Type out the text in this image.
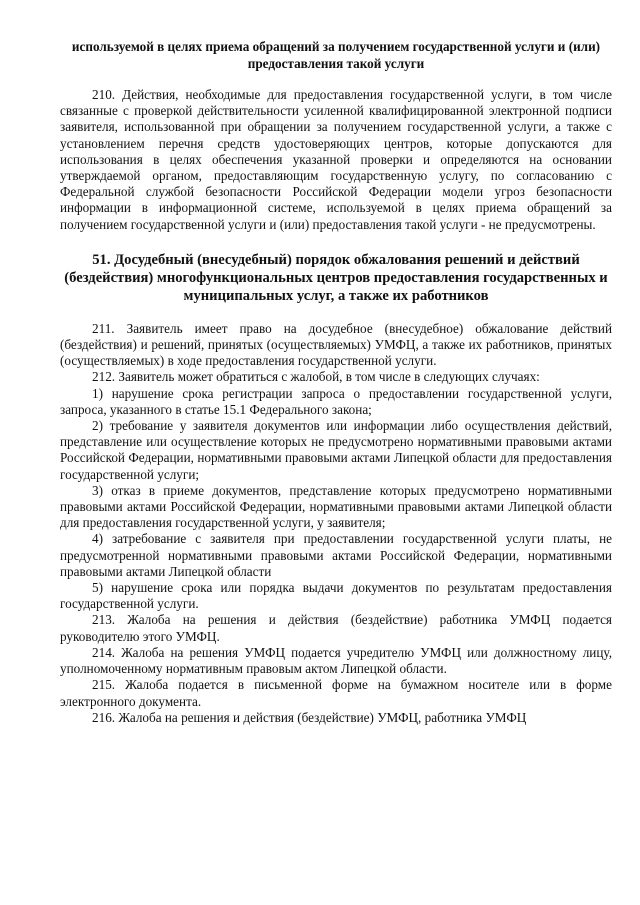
используемой в целях приема обращений за получением государственной услуги и (или) предоставления такой услуги

210. Действия, необходимые для предоставления государственной услуги, в том числе связанные с проверкой действительности усиленной квалифицированной электронной подписи заявителя, использованной при обращении за получением государственной услуги, а также с установлением перечня средств удостоверяющих центров, которые допускаются для использования в целях обеспечения указанной проверки и определяются на основании утверждаемой органом, предоставляющим государственную услугу, по согласованию с Федеральной службой безопасности Российской Федерации модели угроз безопасности информации в информационной системе, используемой в целях приема обращений за получением государственной услуги и (или) предоставления такой услуги - не предусмотрены.

51. Досудебный (внесудебный) порядок обжалования решений и действий (бездействия) многофункциональных центров предоставления государственных и муниципальных услуг, а также их работников

211. Заявитель имеет право на досудебное (внесудебное) обжалование действий (бездействия) и решений, принятых (осуществляемых) УМФЦ, а также их работников, принятых (осуществляемых) в ходе предоставления государственной услуги.

212. Заявитель может обратиться с жалобой, в том числе в следующих случаях:

1) нарушение срока регистрации запроса о предоставлении государственной услуги, запроса, указанного в статье 15.1 Федерального закона;

2) требование у заявителя документов или информации либо осуществления действий, представление или осуществление которых не предусмотрено нормативными правовыми актами Российской Федерации, нормативными правовыми актами Липецкой области для предоставления государственной услуги;

3) отказ в приеме документов, представление которых предусмотрено нормативными правовыми актами Российской Федерации, нормативными правовыми актами Липецкой области для предоставления государственной услуги, у заявителя;

4) затребование с заявителя при предоставлении государственной услуги платы, не предусмотренной нормативными правовыми актами Российской Федерации, нормативными правовыми актами Липецкой области

5) нарушение срока или порядка выдачи документов по результатам предоставления государственной услуги.

213. Жалоба на решения и действия (бездействие) работника УМФЦ подается руководителю этого УМФЦ.

214. Жалоба на решения УМФЦ подается учредителю УМФЦ или должностному лицу, уполномоченному нормативным правовым актом Липецкой области.

215. Жалоба подается в письменной форме на бумажном носителе или в форме электронного документа.

216. Жалоба на решения и действия (бездействие) УМФЦ, работника УМФЦ
